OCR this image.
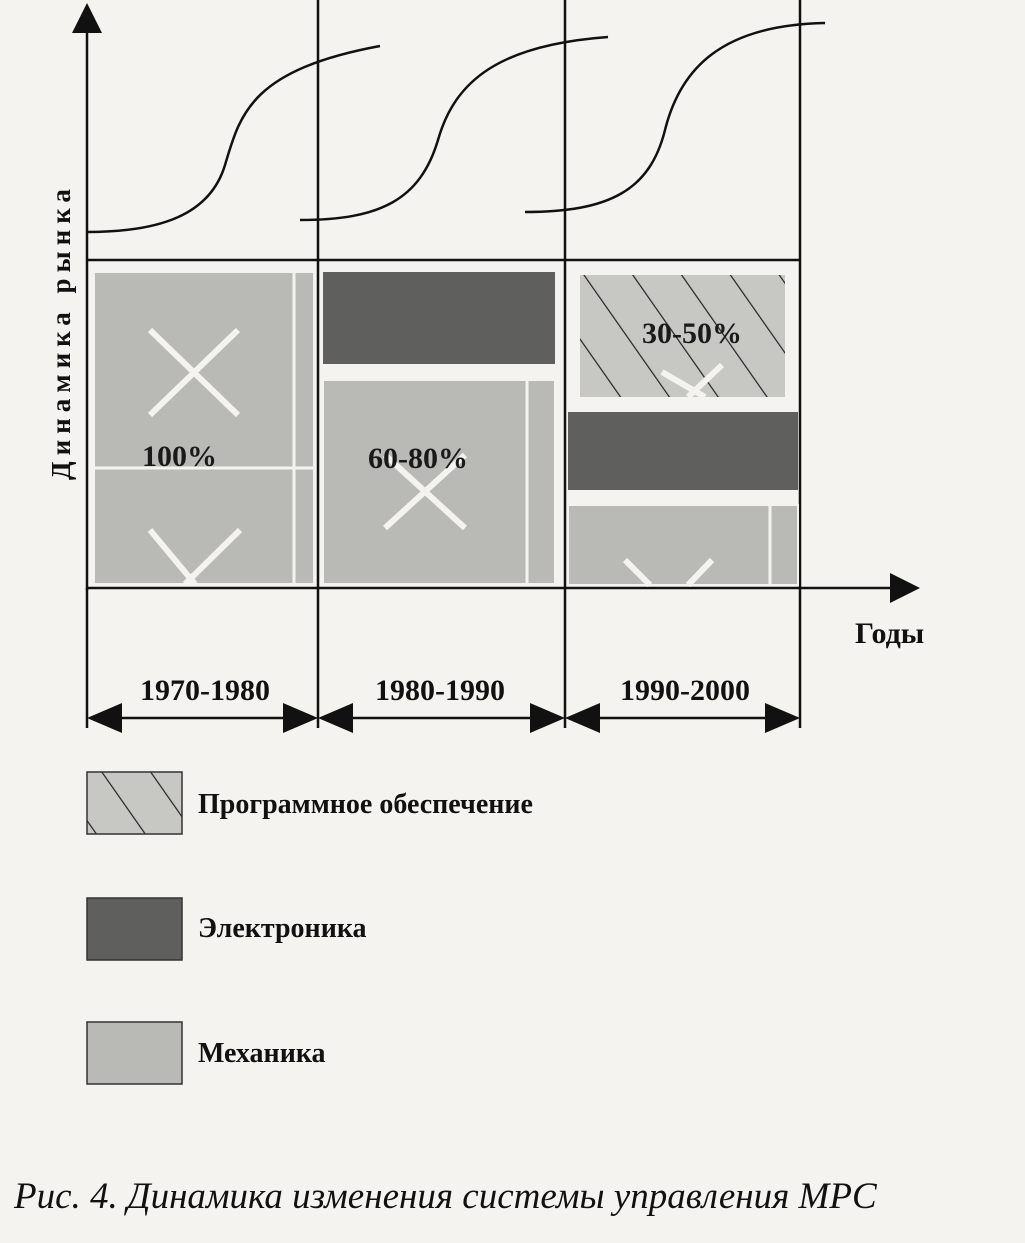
100%	60-80%
30-50%
Динамика рынка
Годы
1970-1980	1980-1990	1990-2000
Программное обеспечение
Электроника
Механика
Рис. 4. Динамика изменения системы управления МРС
